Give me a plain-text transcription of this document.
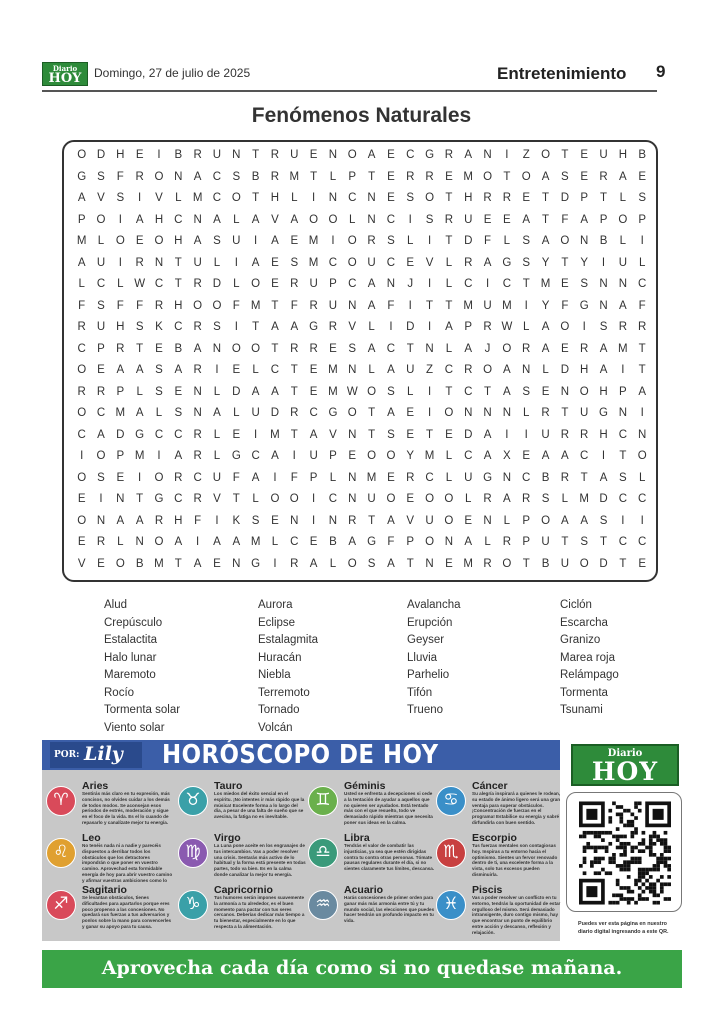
Diario
HOY	Domingo, 27 de julio de 2025	Entretenimiento 9
Fenómenos Naturales
O D H E	I	B R U N	T	R U E N O A	E C G R A N	I	Z O T	E U H B
G S	F	R O N A C S	B R M T	L	P	T	E R R E M O T O A	S	E R A	E
A	V	S	I	V	L M C O T	H	L	I	N C N E	S O T	H R R E	T	D P	T	L	S
P O	I	A H C N A	L	A	V	A O O	L	N C	I	S R U E	E	A	T	F	A	P O P
M L	O E O H A	S U	I	A	E M	I	O R S	L	I	T	D	F	L	S	A O N B	L	I
A U	I	R N	T	U	L	I	A	E	S M C O U C E	V	L	R A G S	Y	T	Y	I	U	L
L	C	L W C	T	R D	L	O E R U P C A N	J	I	L	C	I	C	T M E	S N N C
F	S	F	F	R H O O F M T	F	R U N A	F	I	T	T M U M	I	Y	F G N A	F
R U H S	K C R S	I	T	A	A G R V	L	I	D	I	A	P R W L	A O	I	S R R
C P R	T	E	B	A N O O T	R R E	S	A C	T	N	L	A	J	O R A	E R A M T
O E	A	A	S	A R	I	E	L	C	T	E M N	L	A U	Z	C R O A N	L	D H A	I	T
R R P	L	S	E N	L	D A	A	T	E M W O S	L	I	T	C	T	A	S	E N O H P	A
O C M A	L	S N A	L	U D R C G O T	A	E	I	O N N N	L	R	T	U G N	I
C A D G C C R	L	E	I	M T	A	V N	T	S	E	T	E D A	I	I	U R R H C N
I	O P M	I	A R	L	G C A	I	U P	E O O Y M L	C A	X	E	A	A C	I	T O
O S	E	I	O R C U	F	A	I	F	P	L	N M E R C	L	U G N C B R	T	A	S	L
E	I	N	T G C R V	T	L	O O	I	C N U O E O O	L	R A R S	L M D C C
O N A	A R H	F	I	K	S	E N	I	N R	T	A	V U O E N	L	P O A	A	S	I	I
E R	L	N O A	I	A	A M L	C E	B	A G F	P O N A	L	R P U	T	S	T	C C
V	E O B M T	A	E N G	I	R A	L	O S	A	T	N E M R O T	B U O D	T	E
Alud
Crepúsculo
Estalactita
Halo lunar
Maremoto
Rocío
Tormenta solar
Viento solar
Aurora
Eclipse
Estalagmita
Huracán
Niebla
Terremoto
Tornado
Volcán
Avalancha
Erupción
Geyser
Lluvia
Parhelio
Tifón
Trueno
Ciclón
Escarcha
Granizo
Marea roja
Relámpago
Tormenta
Tsunami
POR: Lily HORÓSCOPO DE HOY
♈
Aries
Sentirás más claro en tu expresión, más concisos, no olvides cuidar a los demás de todos modos. Se aconsejan esos periodos de estrés, moderación y sigue en el foco de la vida. Es el lo cuando de repasarlo y canalízate mejor tu energía.
♉
Tauro
Los miedos del éxito sencial en el espíritu. ¡No intentes ir más rápido que la música! Excelente forma a lo largo del día, a pesar de una falta de sueño que se avecina, la fatiga no es inevitable.
♊
Géminis
Usted se enfrenta a decepciones si cede a la tentación de ayudar a aquellos que no quieren ser ayudados. Está tentado más con el que resuelto, todo ve demasiado rápido mientras que necesita poner sus ideas en la calma.
♋
Cáncer
Su alegría inspirará a quienes le rodean, su estado de ánimo ligero será una gran ventaja para superar obstáculos. ¡Concentración de fuerzas en el programa! Estabilice su energía y sabré dirfundirla con buen sentido.
♌
Leo
No tenéis nada ni a nadie y parecéis dispuestos a derribar todos los obstáculos que los detractores impondrán o que poner en vuestro camino. Aprovechad esta formidable energía de hoy para abrir vuestro camino y afirmar vuestras ambiciones como lo
♍
Virgo
La Luna pone aceite en los engranajes de tus intercambios. Vas a poder resolver una crisis. Sentarás más activo de lo habitual y la forma está presente en todas partes, todo va bien. Es en la calma donde canalizar la mejor tu energía.
♎
Libra
Tendrás el valor de combatir las injusticias, ya sea que estén dirigidas contra tu contra otras personas. Tómate pausas regulares durante el día, si no sientes claramente tus límites, descansa.
♏
Escorpio
Tus fuerzas mentales son contagiosas hoy. Inspiras a tu entorno hacia el optimismo. Sientes un fervor renovado dentro de ti, una excelente forma a la vista, solo tus excesos pueden disminuirla.
♐
Sagitario
Se levantan obstáculos, tienes dificultades para apartarlos porque eres poco propenso a las concesiones. No quedará sus fuerzas a tus adversarios y ponlos sobre la mano para convencerles y ganar su apoyo para tu causa.
♑
Capricornio
Tus humores serán impones suavemente la armonía a tu alrededor, es el buen momento para pactar con tus seres cercanos. Deberías dedicar más tiempo a tu bienestar, especialmente en lo que respecta a la alimentación.
♒
Acuario
Harás concesiones de primer orden para ganar más más armonía entre tú y tu mundo social, las elecciones que puedes hacer tendrán un profundo impacto en tu vida.
♓
Piscis
Vas a poder resolver un conflicto en tu entorno, tendrás la oportunidad de estar orgulloso del mismo. Será demasiado intransigente, duro contigo mismo, hay que encontrar un punto de equilibrio entre acción y descanso, reflexión y relajación.
Diario
HOY
Puedes ver esta página en nuestro diario digital ingresando a este QR.
Aprovecha cada día como si no quedase mañana.
